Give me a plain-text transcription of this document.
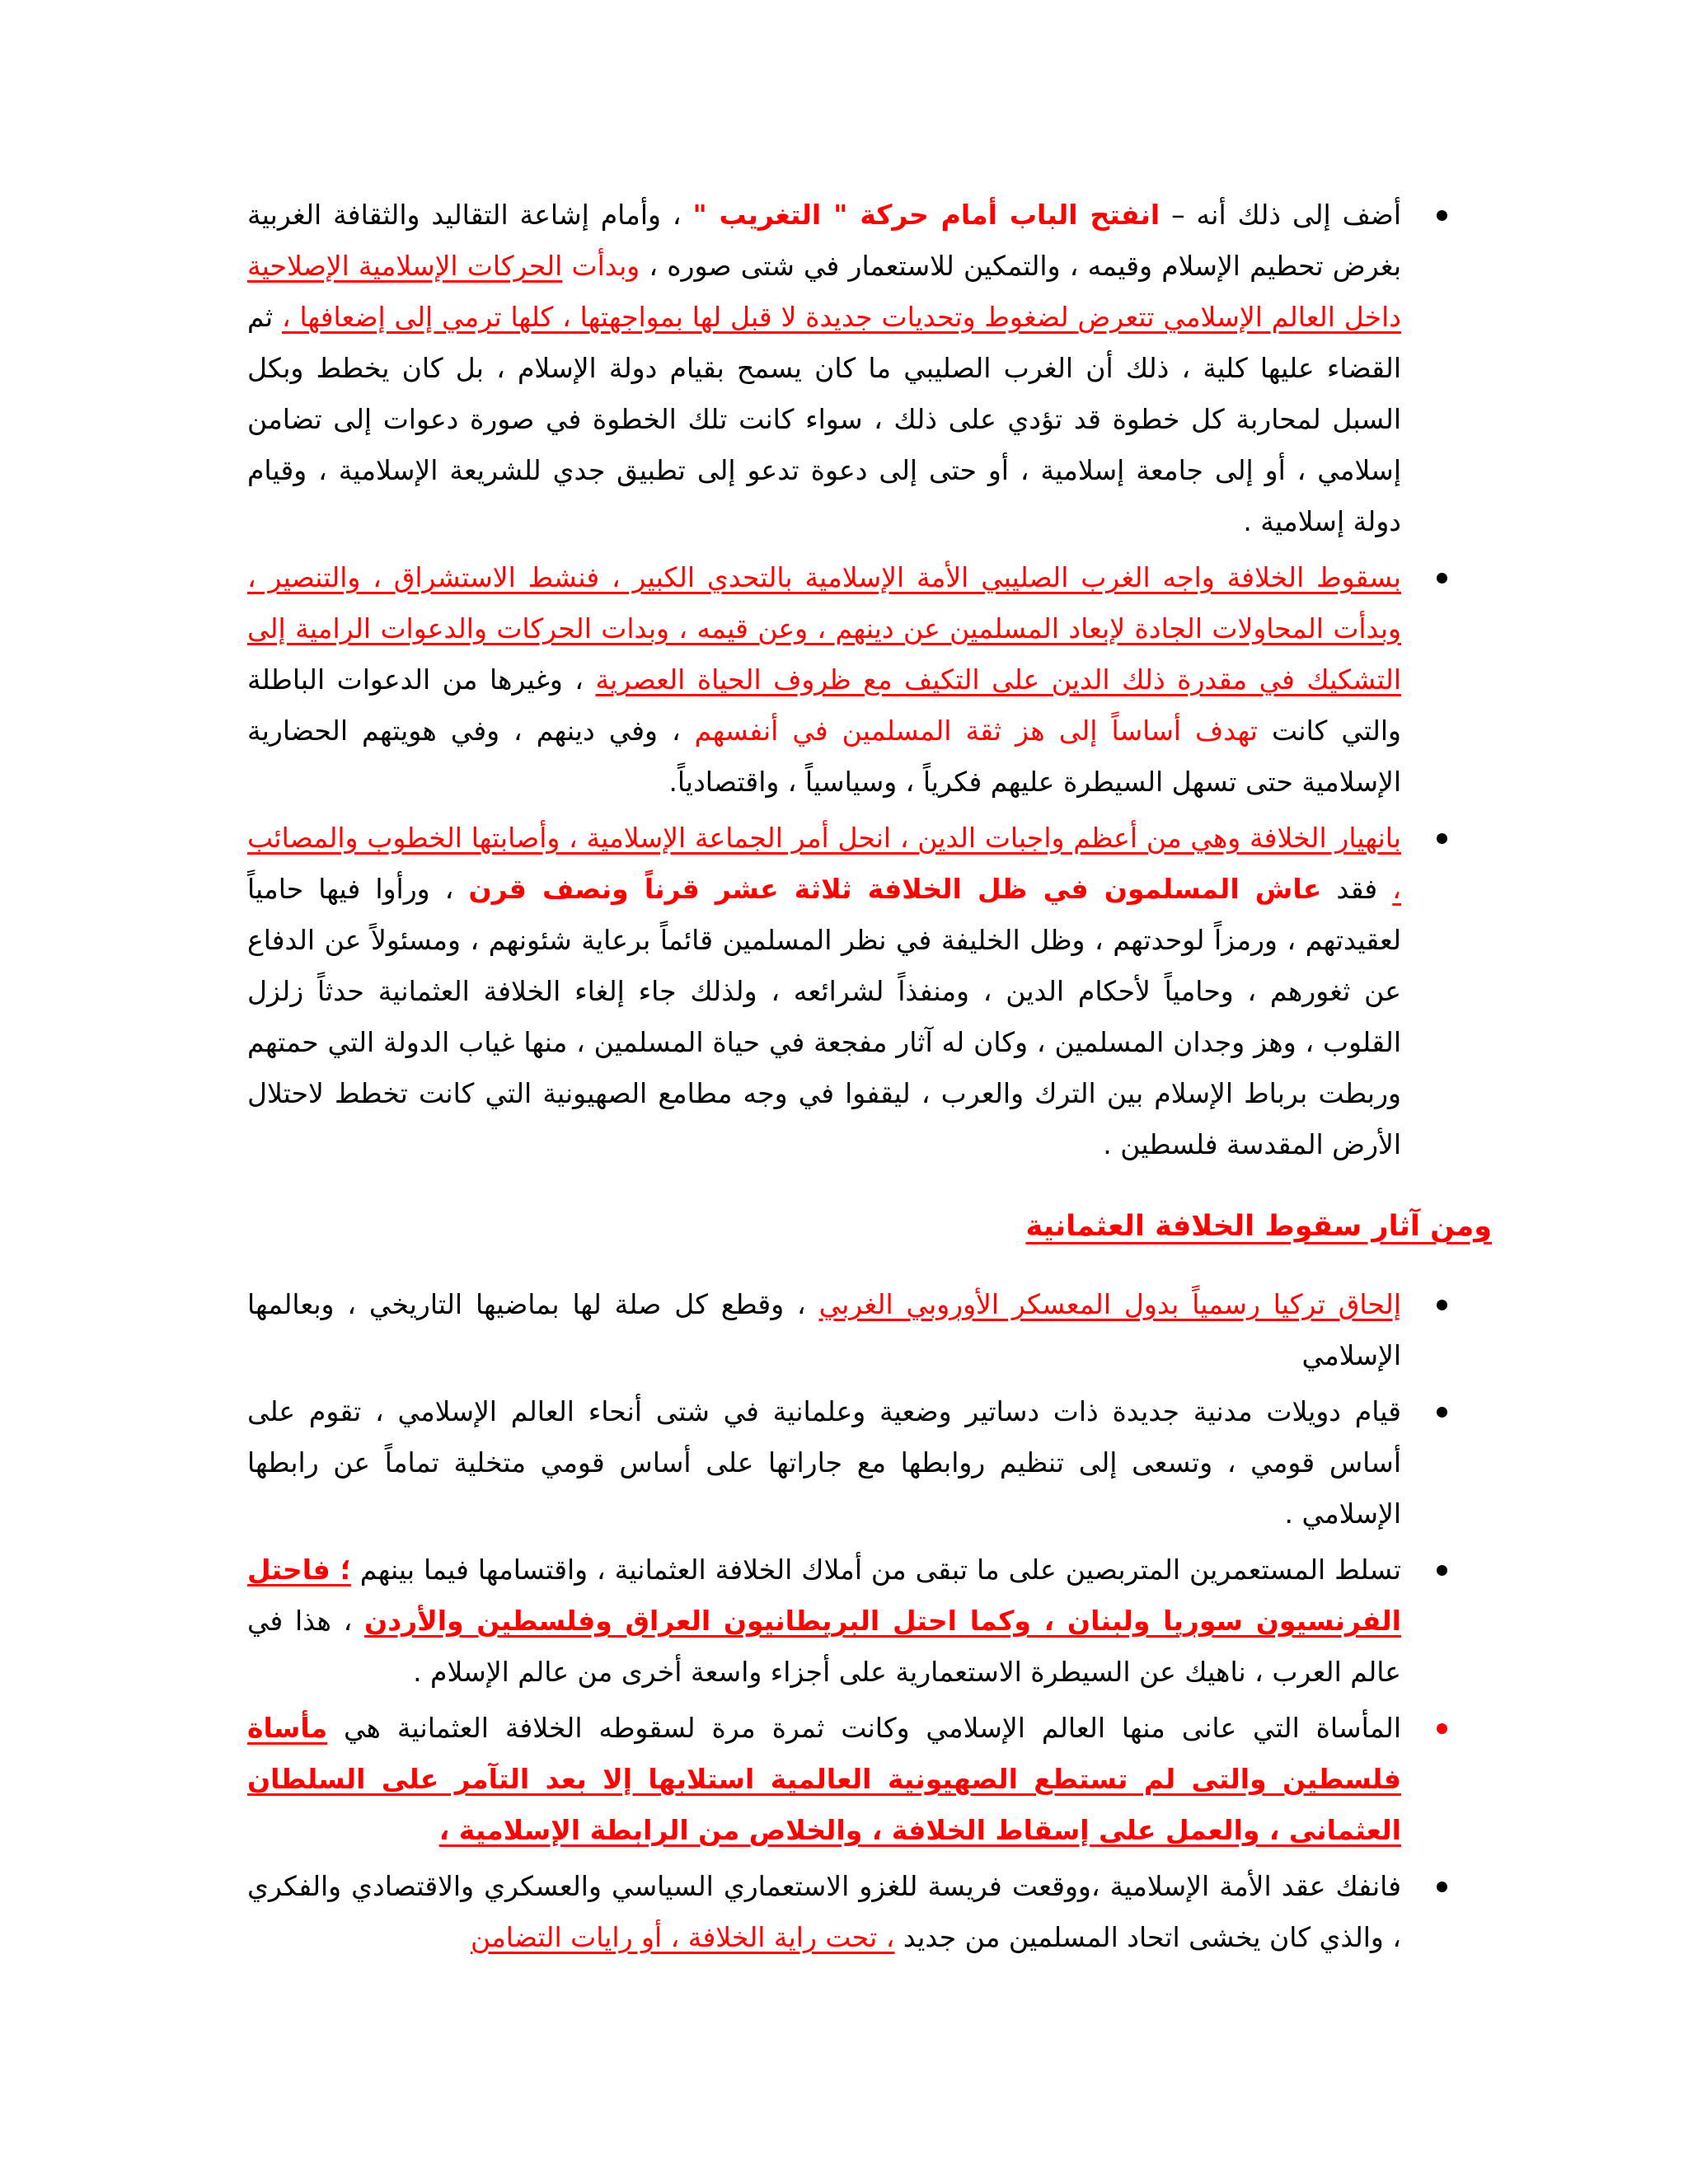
أضف إلى ذلك أنه – انفتح الباب أمام حركة " التغريب " ، وأمام إشاعة التقاليد والثقافة الغربية بغرض تحطيم الإسلام وقيمه ، والتمكين للاستعمار في شتى صوره ، وبدأت الحركات الإسلامية الإصلاحية داخل العالم الإسلامي تتعرض لضغوط وتحديات جديدة لا قبل لها بمواجهتها ، كلها ترمي إلى إضعافها ، ثم القضاء عليها كلية ، ذلك أن الغرب الصليبي ما كان يسمح بقيام دولة الإسلام ، بل كان يخطط وبكل السبل لمحاربة كل خطوة قد تؤدي على ذلك ، سواء كانت تلك الخطوة في صورة دعوات إلى تضامن إسلامي ، أو إلى جامعة إسلامية ، أو حتى إلى دعوة تدعو إلى تطبيق جدي للشريعة الإسلامية ، وقيام دولة إسلامية .
بسقوط الخلافة واجه الغرب الصليبي الأمة الإسلامية بالتحدي الكبير ، فنشط الاستشراق ، والتنصير ، وبدأت المحاولات الجادة لإبعاد المسلمين عن دينهم ، وعن قيمه ، وبدات الحركات والدعوات الرامية إلى التشكيك في مقدرة ذلك الدين على التكيف مع ظروف الحياة العصرية ، وغيرها من الدعوات الباطلة والتي كانت تهدف أساساً إلى هز ثقة المسلمين في أنفسهم ، وفي دينهم ، وفي هويتهم الحضارية الإسلامية حتى تسهل السيطرة عليهم فكرياً ، وسياسياً ، واقتصادياً.
بانهيار الخلافة وهي من أعظم واجبات الدين ، انحل أمر الجماعة الإسلامية ، وأصابتها الخطوب والمصائب ، فقد عاش المسلمون في ظل الخلافة ثلاثة عشر قرناً ونصف قرن ، ورأوا فيها حامياً لعقيدتهم ، ورمزاً لوحدتهم ، وظل الخليفة في نظر المسلمين قائماً برعاية شئونهم ، ومسئولاً عن الدفاع عن ثغورهم ، وحامياً لأحكام الدين ، ومنفذاً لشرائعه ، ولذلك جاء إلغاء الخلافة العثمانية حدثاً زلزل القلوب ، وهز وجدان المسلمين ، وكان له آثار مفجعة في حياة المسلمين ، منها غياب الدولة التي حمتهم وربطت برباط الإسلام بين الترك والعرب ، ليقفوا في وجه مطامع الصهيونية التي كانت تخطط لاحتلال الأرض المقدسة فلسطين .
ومن آثار سقوط الخلافة العثمانية
إلحاق تركيا رسمياً بدول المعسكر الأوروبي الغربي ، وقطع كل صلة لها بماضيها التاريخي ، وبعالمها الإسلامي
قيام دويلات مدنية جديدة ذات دساتير وضعية وعلمانية في شتى أنحاء العالم الإسلامي ، تقوم على أساس قومي ، وتسعى إلى تنظيم روابطها مع جاراتها على أساس قومي متخلية تماماً عن رابطها الإسلامي .
تسلط المستعمرين المتربصين على ما تبقى من أملاك الخلافة العثمانية ، واقتسامها فيما بينهم ؛ فاحتل الفرنسيون سوريا ولبنان ، وكما احتل البريطانيون العراق وفلسطين والأردن ، هذا في عالم العرب ، ناهيك عن السيطرة الاستعمارية على أجزاء واسعة أخرى من عالم الإسلام .
المأساة التي عانى منها العالم الإسلامي وكانت ثمرة مرة لسقوطه الخلافة العثمانية هي مأساة فلسطين والتى لم تستطع الصهيونية العالمية استلابها إلا بعد التآمر على السلطان العثمانى ، والعمل على إسقاط الخلافة ، والخلاص من الرابطة الإسلامية ،
فانفك عقد الأمة الإسلامية ،ووقعت فريسة للغزو الاستعماري السياسي والعسكري والاقتصادي والفكري ، والذي كان يخشى اتحاد المسلمين من جديد ، تحت راية الخلافة ، أو رايات التضامن
